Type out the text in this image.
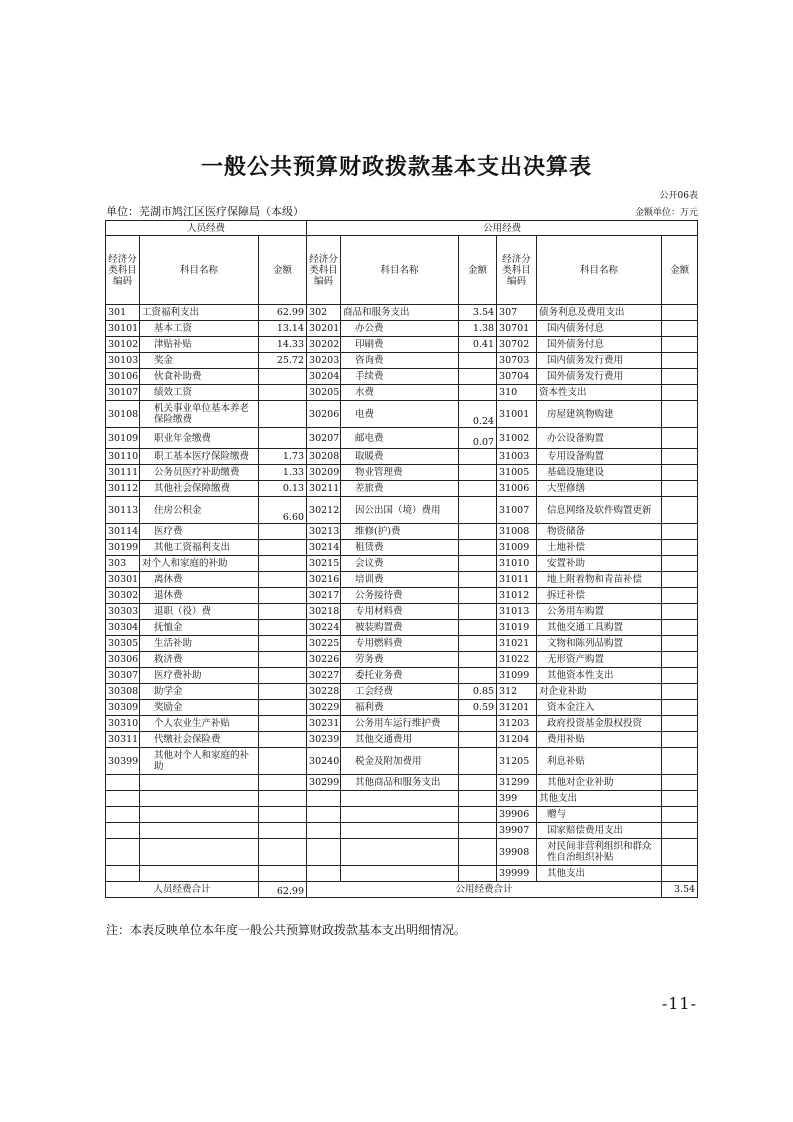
一般公共预算财政拨款基本支出决算表
公开06表
单位：芜湖市鸠江区医疗保障局（本级）	金额单位：万元
人员经费			公用经费					
经济分类科目编码	科目名称	金额	经济分类科目编码	科目名称	金额	经济分类科目编码	科目名称	金额
301	工资福利支出	62.99	302	商品和服务支出	3.54	307	债务利息及费用支出	
30101	基本工资	13.14	30201	办公费	1.38	30701	国内债务付息	
30102	津贴补贴	14.33	30202	印刷费	0.41	30702	国外债务付息	
30103	奖金	25.72	30203	咨询费		30703	国内债务发行费用	
30106	伙食补助费		30204	手续费		30704	国外债务发行费用	
30107	绩效工资		30205	水费		310	资本性支出	
30108	机关事业单位基本养老保险缴费		30206	电费	0.24	31001	房屋建筑物购建	
30109	职业年金缴费		30207	邮电费	0.07	31002	办公设备购置	
30110	职工基本医疗保险缴费	1.73	30208	取暖费		31003	专用设备购置	
30111	公务员医疗补助缴费	1.33	30209	物业管理费		31005	基础设施建设	
30112	其他社会保障缴费	0.13	30211	差旅费		31006	大型修缮	
30113	住房公积金	6.60	30212	因公出国（境）费用		31007	信息网络及软件购置更新	
30114	医疗费		30213	维修(护)费		31008	物资储备	
30199	其他工资福利支出		30214	租赁费		31009	土地补偿	
303	对个人和家庭的补助		30215	会议费		31010	安置补助	
30301	离休费		30216	培训费		31011	地上附着物和青苗补偿	
30302	退休费		30217	公务接待费		31012	拆迁补偿	
30303	退职（役）费		30218	专用材料费		31013	公务用车购置	
30304	抚恤金		30224	被装购置费		31019	其他交通工具购置	
30305	生活补助		30225	专用燃料费		31021	文物和陈列品购置	
30306	救济费		30226	劳务费		31022	无形资产购置	
30307	医疗费补助		30227	委托业务费		31099	其他资本性支出	
30308	助学金		30228	工会经费	0.85	312	对企业补助	
30309	奖励金		30229	福利费	0.59	31201	资本金注入	
30310	个人农业生产补贴		30231	公务用车运行维护费		31203	政府投资基金股权投资	
30311	代缴社会保险费		30239	其他交通费用		31204	费用补贴	
30399	其他对个人和家庭的补助		30240	税金及附加费用		31205	利息补贴	
			30299	其他商品和服务支出		31299	其他对企业补助	
						399	其他支出	
						39906	赠与	
						39907	国家赔偿费用支出	
						39908	对民间非营利组织和群众性自治组织补贴	
						39999	其他支出	
人员经费合计		62.99	公用经费合计					3.54
注：本表反映单位本年度一般公共预算财政拨款基本支出明细情况。
-11-
